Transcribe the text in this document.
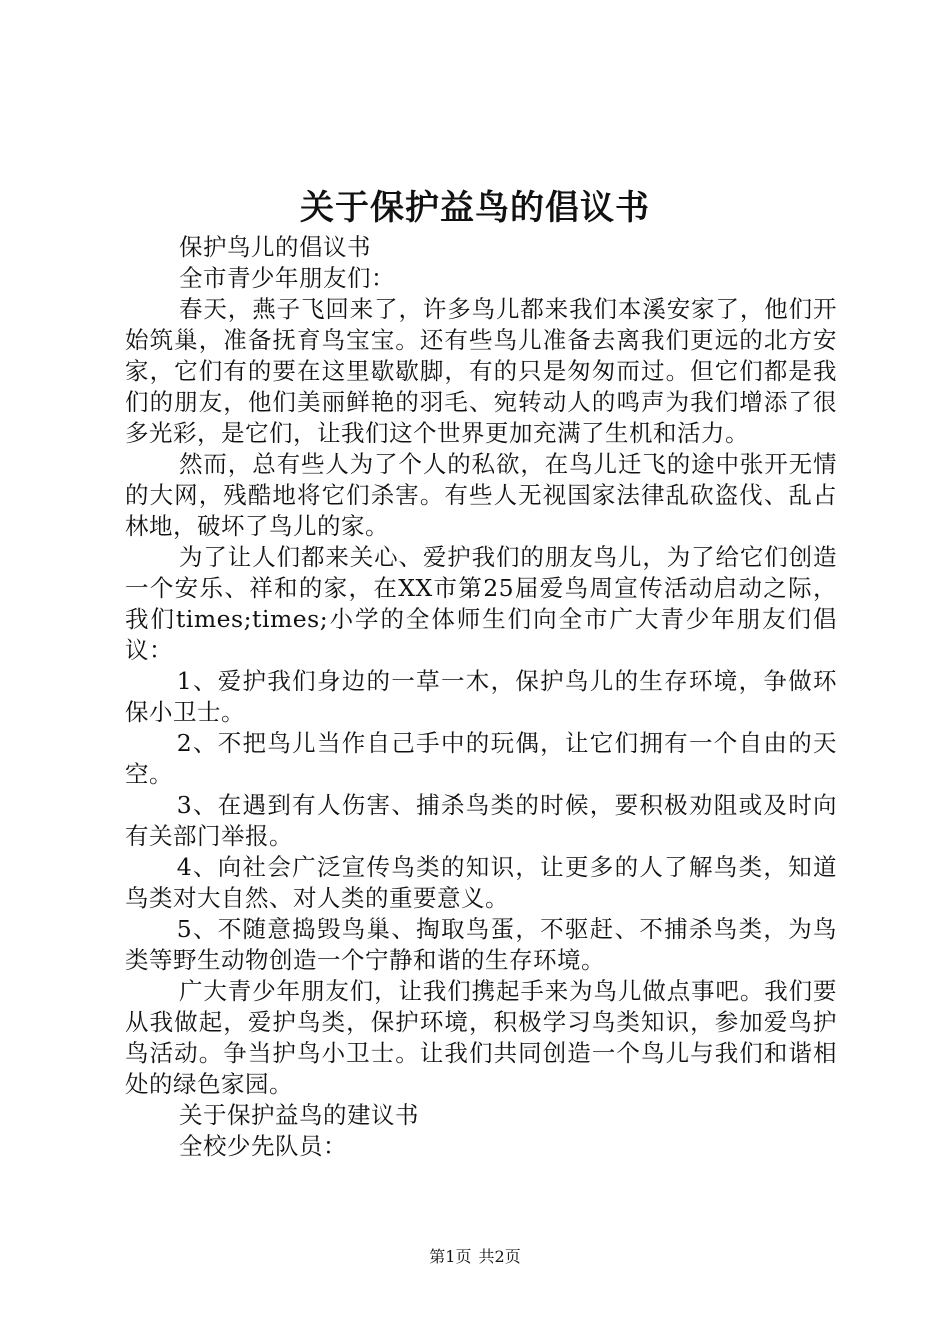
关于保护益鸟的倡议书

保护鸟儿的倡议书

全市青少年朋友们：

春天，燕子飞回来了，许多鸟儿都来我们本溪安家了，他们开始筑巢，准备抚育鸟宝宝。还有些鸟儿准备去离我们更远的北方安家，它们有的要在这里歇歇脚，有的只是匆匆而过。但它们都是我们的朋友，他们美丽鲜艳的羽毛、宛转动人的鸣声为我们增添了很多光彩，是它们，让我们这个世界更加充满了生机和活力。

然而，总有些人为了个人的私欲，在鸟儿迁飞的途中张开无情的大网，残酷地将它们杀害。有些人无视国家法律乱砍盗伐、乱占林地，破坏了鸟儿的家。

为了让人们都来关心、爱护我们的朋友鸟儿，为了给它们创造一个安乐、祥和的家，在XX市第25届爱鸟周宣传活动启动之际，我们times;times;小学的全体师生们向全市广大青少年朋友们倡议：

1、爱护我们身边的一草一木，保护鸟儿的生存环境，争做环保小卫士。

2、不把鸟儿当作自己手中的玩偶，让它们拥有一个自由的天空。

3、在遇到有人伤害、捕杀鸟类的时候，要积极劝阻或及时向有关部门举报。

4、向社会广泛宣传鸟类的知识，让更多的人了解鸟类，知道鸟类对大自然、对人类的重要意义。

5、不随意捣毁鸟巢、掏取鸟蛋，不驱赶、不捕杀鸟类，为鸟类等野生动物创造一个宁静和谐的生存环境。

广大青少年朋友们，让我们携起手来为鸟儿做点事吧。我们要从我做起，爱护鸟类，保护环境，积极学习鸟类知识，参加爱鸟护鸟活动。争当护鸟小卫士。让我们共同创造一个鸟儿与我们和谐相处的绿色家园。

关于保护益鸟的建议书

全校少先队员：

第1页 共2页
